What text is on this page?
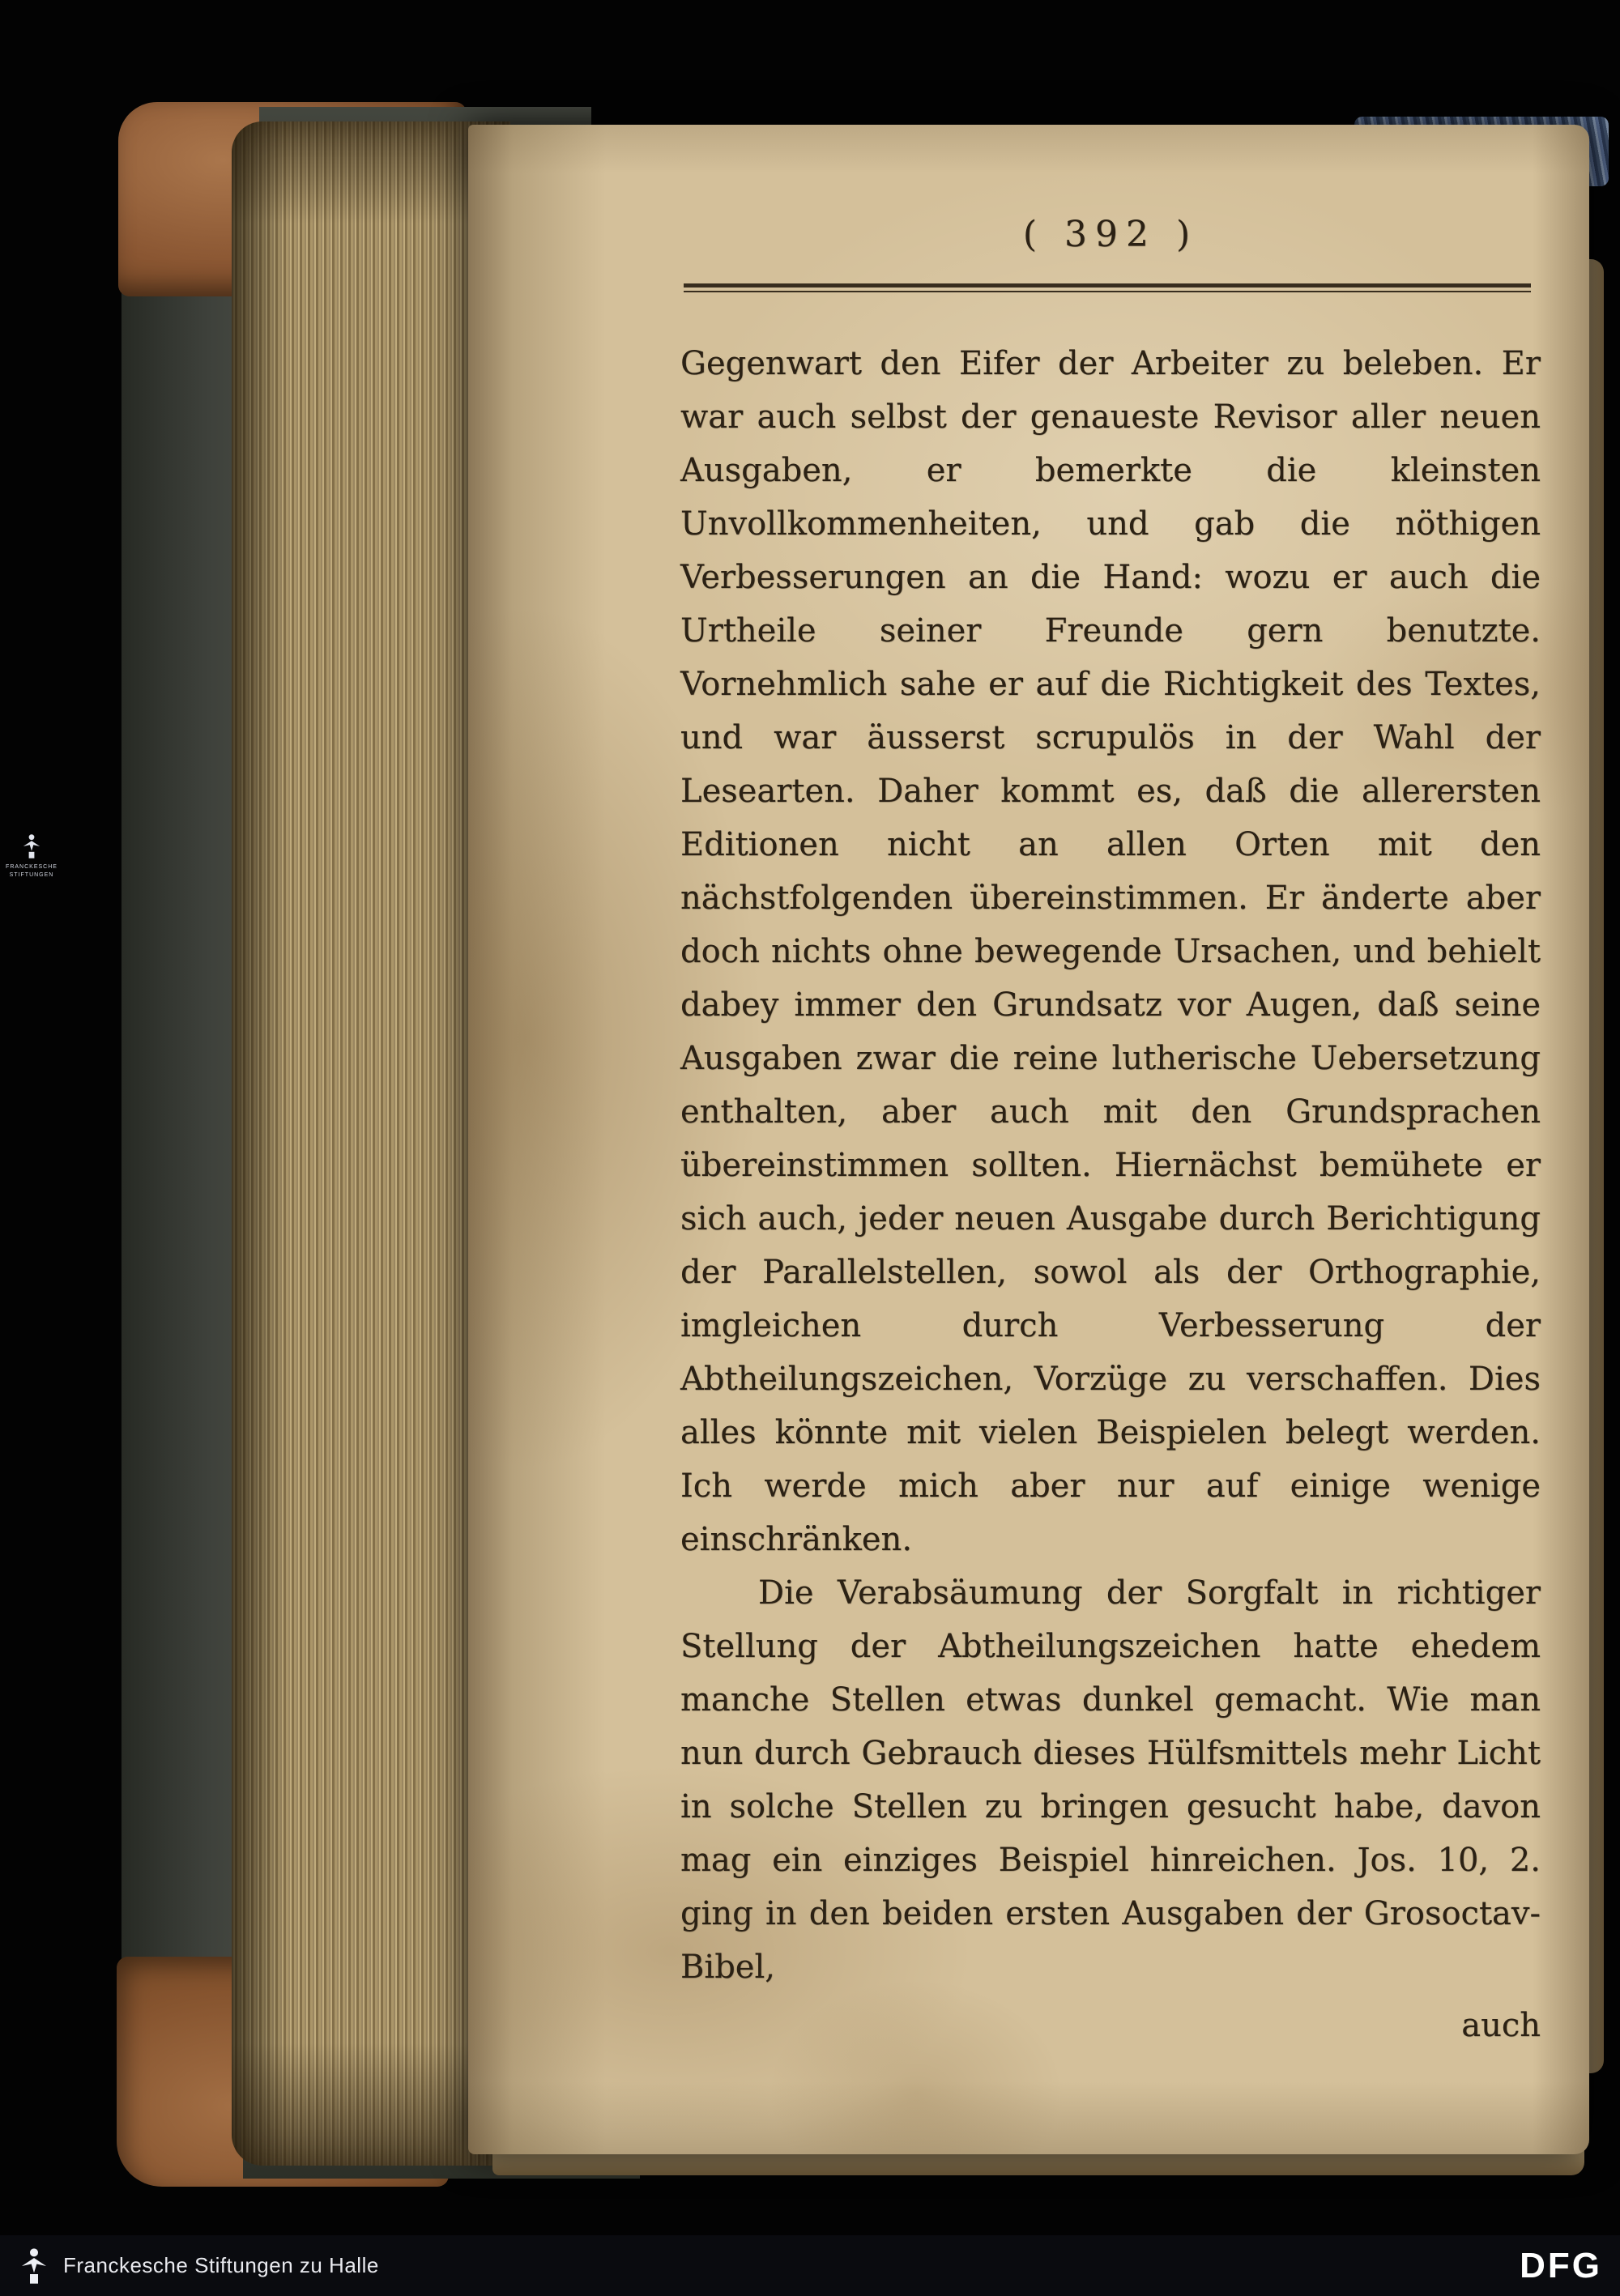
( 392 )

Gegenwart den Eifer der Arbeiter zu beleben. Er war auch selbst der genaueste Revisor aller neuen Ausgaben, er bemerkte die kleinsten Unvollkommenheiten, und gab die nöthigen Verbesserungen an die Hand: wozu er auch die Urtheile seiner Freunde gern benutzte. Vornehmlich sahe er auf die Richtigkeit des Textes, und war äusserst scrupulös in der Wahl der Lesearten. Daher kommt es, daß die allerersten Editionen nicht an allen Orten mit den nächstfolgenden übereinstimmen. Er änderte aber doch nichts ohne bewegende Ursachen, und behielt dabey immer den Grundsatz vor Augen, daß seine Ausgaben zwar die reine lutherische Uebersetzung enthalten, aber auch mit den Grundsprachen übereinstimmen sollten. Hiernächst bemühete er sich auch, jeder neuen Ausgabe durch Berichtigung der Parallelstellen, sowol als der Orthographie, imgleichen durch Verbesserung der Abtheilungszeichen, Vorzüge zu verschaffen. Dies alles könnte mit vielen Beispielen belegt werden. Ich werde mich aber nur auf einige wenige einschränken.

Die Verabsäumung der Sorgfalt in richtiger Stellung der Abtheilungszeichen hatte ehedem manche Stellen etwas dunkel gemacht. Wie man nun durch Gebrauch dieses Hülfsmittels mehr Licht in solche Stellen zu bringen gesucht habe, davon mag ein einziges Beispiel hinreichen. Jos. 10, 2. ging in den beiden ersten Ausgaben der Grosoctav-Bibel,

auch
FRANCKESCHE
STIFTUNGEN
Franckesche Stiftungen zu Halle	DFG
